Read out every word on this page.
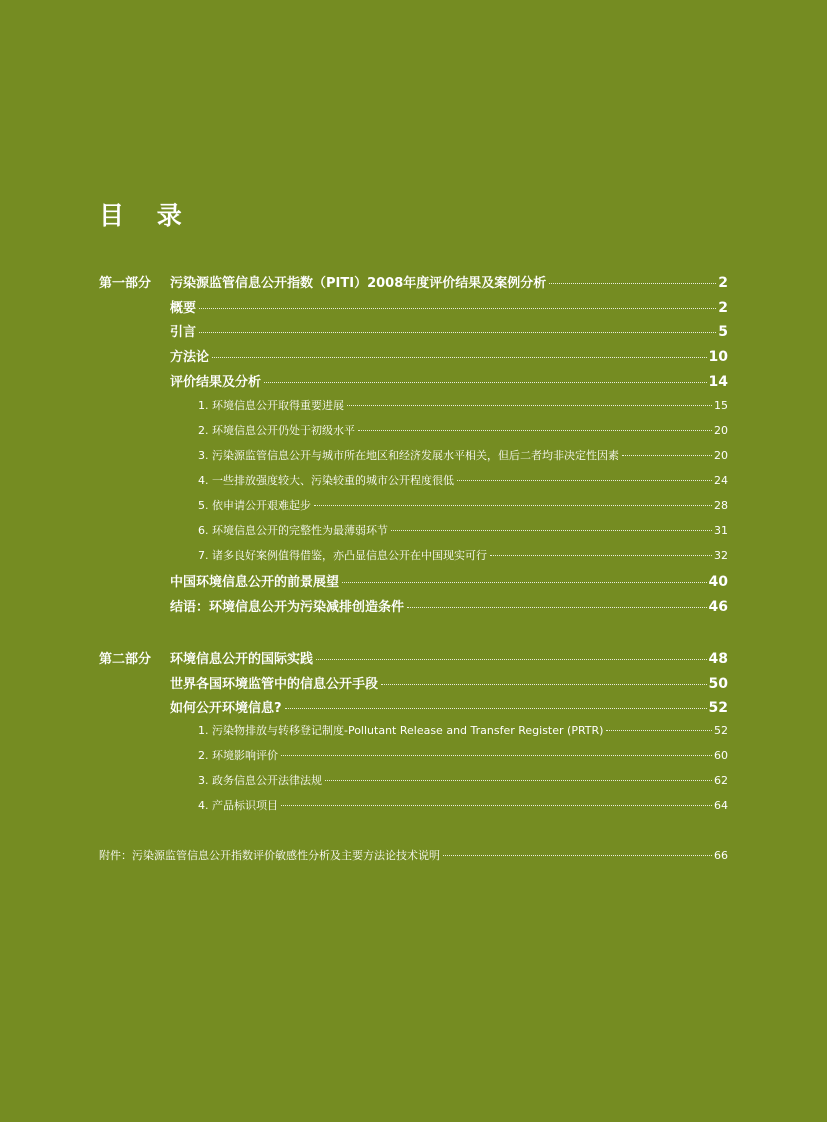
目 录
第一部分 污染源监管信息公开指数（PITI）2008年度评价结果及案例分析	2
概要	2
引言	5
方法论	10
评价结果及分析	14
1. 环境信息公开取得重要进展	15
2. 环境信息公开仍处于初级水平	20
3. 污染源监管信息公开与城市所在地区和经济发展水平相关，但后二者均非决定性因素	20
4. 一些排放强度较大、污染较重的城市公开程度很低	24
5. 依申请公开艰难起步	28
6. 环境信息公开的完整性为最薄弱环节	31
7. 诸多良好案例值得借鉴，亦凸显信息公开在中国现实可行	32
中国环境信息公开的前景展望	40
结语：环境信息公开为污染减排创造条件	46
第二部分 环境信息公开的国际实践	48
世界各国环境监管中的信息公开手段	50
如何公开环境信息?	52
1. 污染物排放与转移登记制度-Pollutant Release and Transfer Register (PRTR)	52
2. 环境影响评价	60
3. 政务信息公开法律法规	62
4. 产品标识项目	64
附件：污染源监管信息公开指数评价敏感性分析及主要方法论技术说明	66
